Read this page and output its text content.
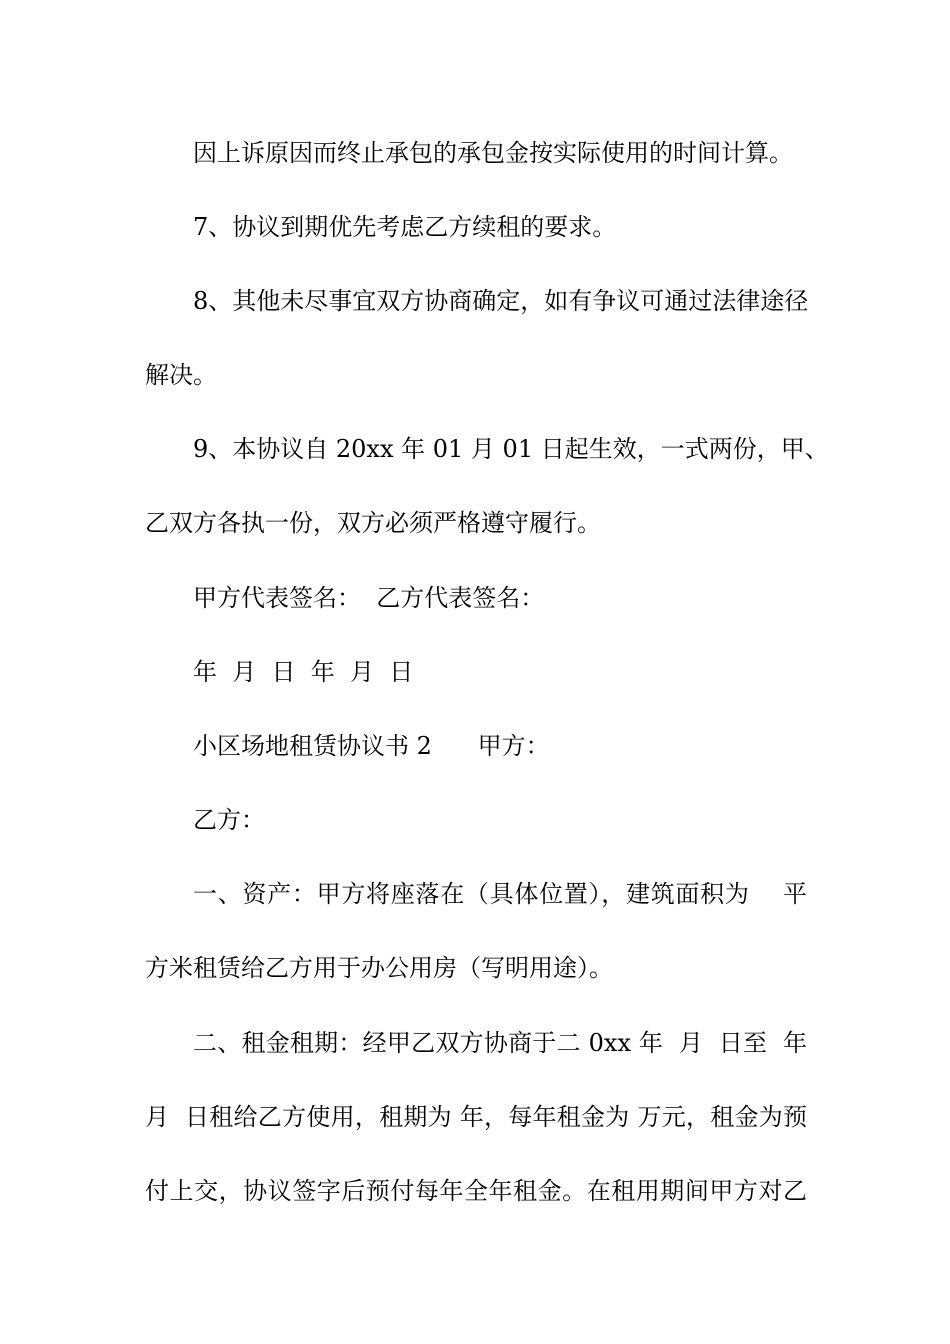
因上诉原因而终止承包的承包金按实际使用的时间计算。
7、协议到期优先考虑乙方续租的要求。
8、其他未尽事宜双方协商确定，如有争议可通过法律途径
解决。
9、本协议自 20xx 年 01 月 01 日起生效，一式两份，甲、
乙双方各执一份，双方必须严格遵守履行。
甲方代表签名：  乙方代表签名：
年  月  日  年  月  日
小区场地租赁协议书 2      甲方：
乙方：
一、资产：甲方将座落在（具体位置），建筑面积为    平
方米租赁给乙方用于办公用房（写明用途）。
二、租金租期：经甲乙双方协商于二 0xx 年  月  日至  年
月  日租给乙方使用，租期为 年，每年租金为 万元，租金为预
付上交，协议签字后预付每年全年租金。在租用期间甲方对乙
